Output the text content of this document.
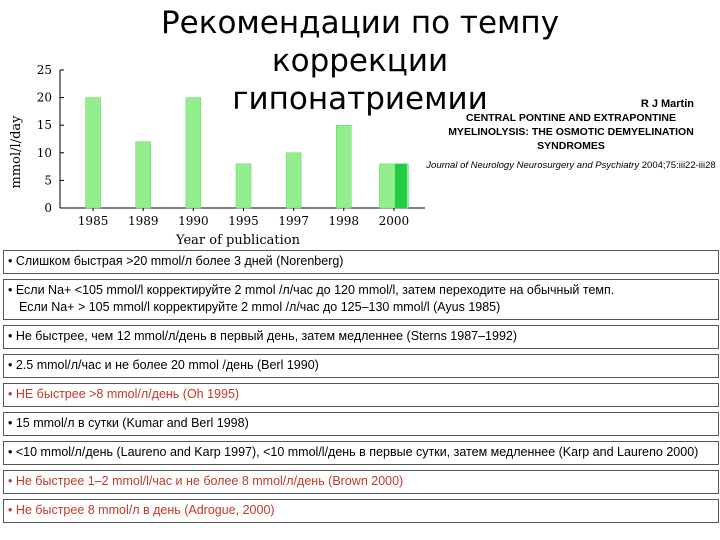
Рекомендации по темпу коррекции
гипонатриемии
1985 1989 1990 1995 1997 1998 2000
0
5
10
15
20
25
mmol/l/day
Year of publication
R J Martin
CENTRAL PONTINE AND EXTRAPONTINE MYELINOLYSIS: THE OSMOTIC DEMYELINATION SYNDROMES
Journal of Neurology Neurosurgery and Psychiatry 2004;75:iii22-iii28
• Слишком быстрая >20 mmol/л более 3 дней (Norenberg)
• Если Na+ <105 mmol/l корректируйте 2 mmol /л/час до 120 mmol/l, затем переходите на обычный темп.
Если Na+ > 105 mmol/l корректируйте 2 mmol /л/час до 125–130 mmol/l (Ayus 1985)
• Не быстрее, чем 12 mmol/л/день в первый день, затем медленнее (Sterns 1987–1992)
• 2.5 mmol/л/час и не более 20 mmol /день (Berl 1990)
• НЕ быстрее >8 mmol/л/день (Oh 1995)
• 15 mmol/л в сутки (Kumar and Berl 1998)
• <10 mmol/л/день (Laureno and Karp 1997), <10 mmol/l/день в первые сутки, затем медленнее (Karp and Laureno 2000)
• Не быстрее 1–2 mmol/l/час и не более 8 mmol/л/день (Brown 2000)
• Не быстрее 8 mmol/л в день (Adrogue, 2000)
